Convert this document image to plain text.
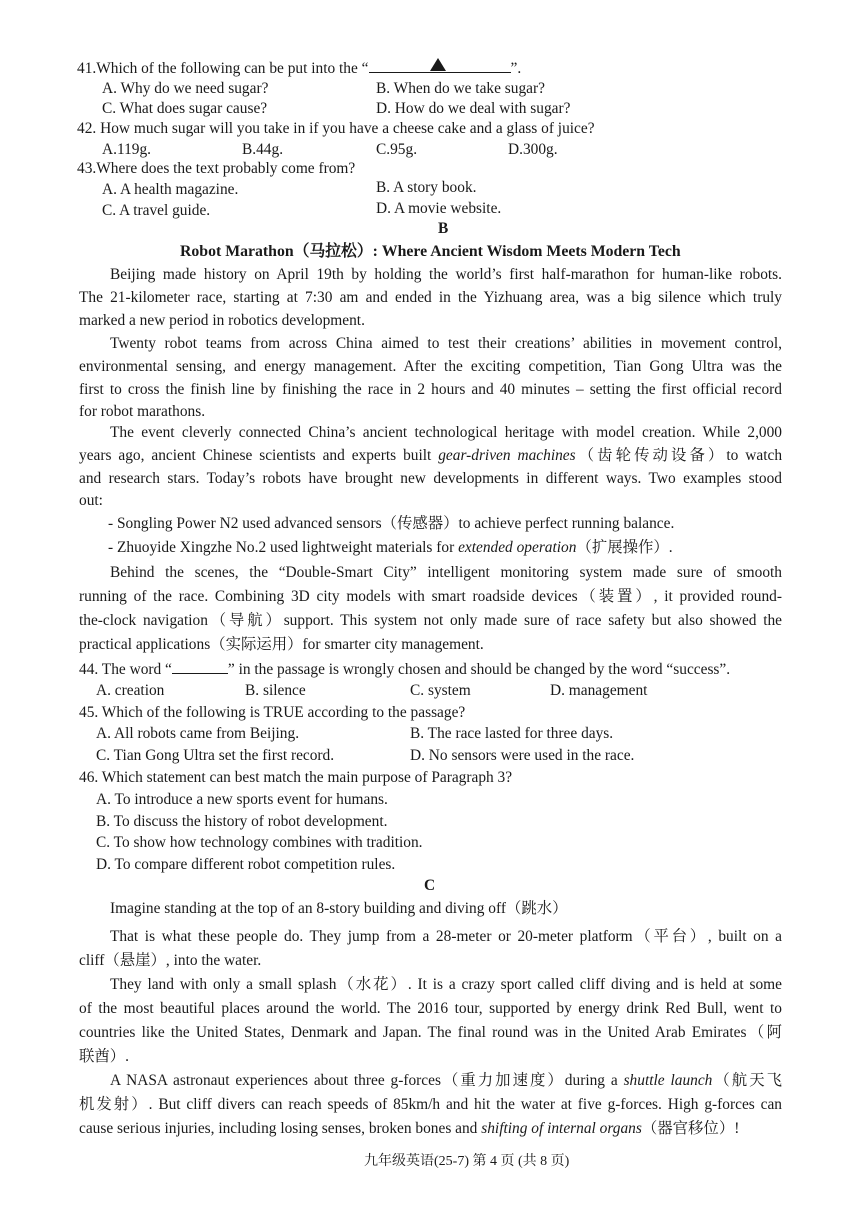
41.Which of the following can be put into the “	”.
A. Why do we need sugar?	B. When do we take sugar?
C. What does sugar cause?	D. How do we deal with sugar?
42. How much sugar will you take in if you have a cheese cake and a glass of juice?
A.119g.	B.44g.	C.95g.	D.300g.
43.Where does the text probably come from?
A. A health magazine.	B. A story book.
C. A travel guide.	D. A movie website.
B
Robot Marathon（马拉松）: Where Ancient Wisdom Meets Modern Tech
Beijing made history on April 19th by holding the world’s first half-marathon for human-like robots.
The 21-kilometer race, starting at 7:30 am and ended in the Yizhuang area, was a big silence which truly
marked a new period in robotics development.
Twenty robot teams from across China aimed to test their creations’ abilities in movement control,
environmental sensing, and energy management. After the exciting competition, Tian Gong Ultra was the
first to cross the finish line by finishing the race in 2 hours and 40 minutes – setting the first official record
for robot marathons.
The event cleverly connected China’s ancient technological heritage with model creation. While 2,000
years ago, ancient Chinese scientists and experts built gear-driven machines（齿轮传动设备）to watch
and research stars. Today’s robots have brought new developments in different ways. Two examples stood
out:
- Songling Power N2 used advanced sensors（传感器）to achieve perfect running balance.
- Zhuoyide Xingzhe No.2 used lightweight materials for extended operation（扩展操作）.
Behind the scenes, the “Double-Smart City” intelligent monitoring system made sure of smooth
running of the race. Combining 3D city models with smart roadside devices（装置）, it provided round-
the-clock navigation（导航）support. This system not only made sure of race safety but also showed the
practical applications（实际运用）for smarter city management.
44. The word “	” in the passage is wrongly chosen and should be changed by the word “success”.
A. creation	B. silence	C. system	D. management
45. Which of the following is TRUE according to the passage?
A. All robots came from Beijing.	B. The race lasted for three days.
C. Tian Gong Ultra set the first record.	D. No sensors were used in the race.
46. Which statement can best match the main purpose of Paragraph 3?
A. To introduce a new sports event for humans.
B. To discuss the history of robot development.
C. To show how technology combines with tradition.
D. To compare different robot competition rules.
C
Imagine standing at the top of an 8-story building and diving off（跳水）
That is what these people do. They jump from a 28-meter or 20-meter platform（平台）, built on a
cliff（悬崖）, into the water.
They land with only a small splash（水花）. It is a crazy sport called cliff diving and is held at some
of the most beautiful places around the world. The 2016 tour, supported by energy drink Red Bull, went to
countries like the United States, Denmark and Japan. The final round was in the United Arab Emirates（阿
联酋）.
A NASA astronaut experiences about three g-forces（重力加速度）during a shuttle launch（航天飞
机发射）. But cliff divers can reach speeds of 85km/h and hit the water at five g-forces. High g-forces can
cause serious injuries, including losing senses, broken bones and shifting of internal organs（器官移位）!
九年级英语(25-7) 第 4 页 (共 8 页)
